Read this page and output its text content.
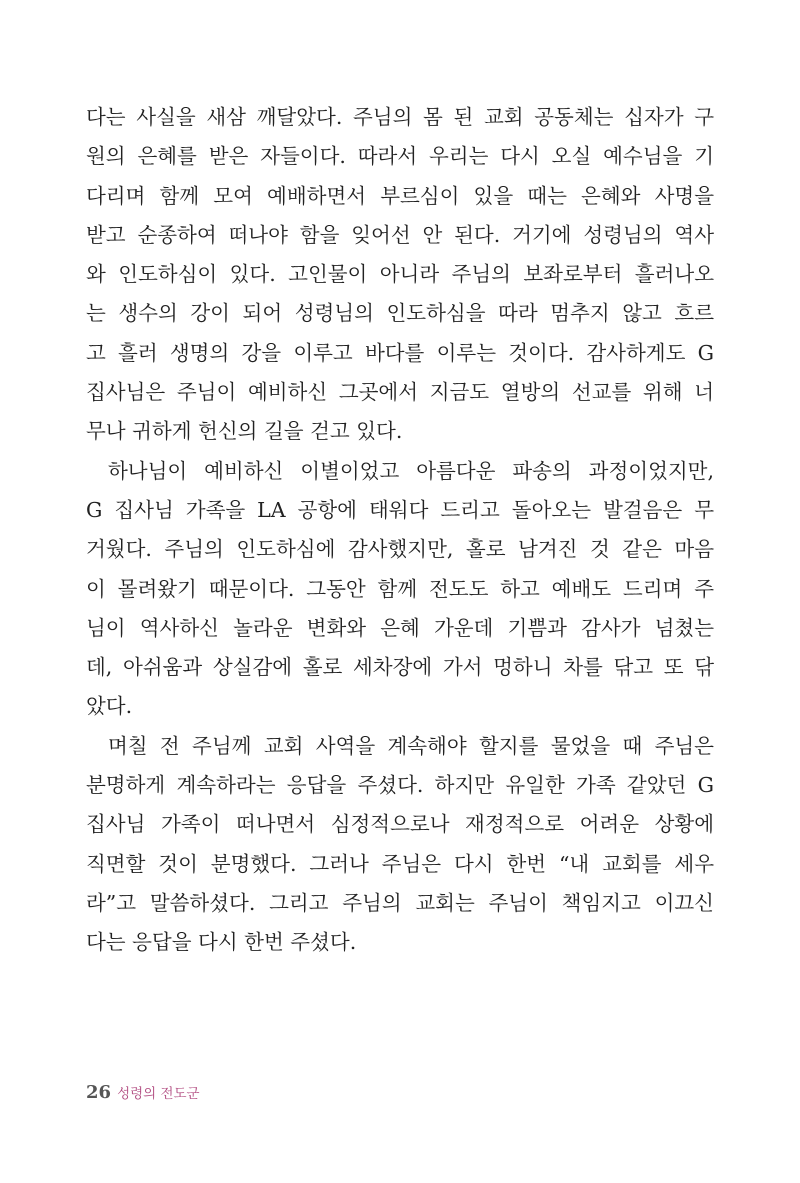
다는 사실을 새삼 깨달았다. 주님의 몸 된 교회 공동체는 십자가 구
원의 은혜를 받은 자들이다. 따라서 우리는 다시 오실 예수님을 기
다리며 함께 모여 예배하면서 부르심이 있을 때는 은혜와 사명을
받고 순종하여 떠나야 함을 잊어선 안 된다. 거기에 성령님의 역사
와 인도하심이 있다. 고인물이 아니라 주님의 보좌로부터 흘러나오
는 생수의 강이 되어 성령님의 인도하심을 따라 멈추지 않고 흐르
고 흘러 생명의 강을 이루고 바다를 이루는 것이다. 감사하게도 G
집사님은 주님이 예비하신 그곳에서 지금도 열방의 선교를 위해 너
무나 귀하게 헌신의 길을 걷고 있다.
하나님이 예비하신 이별이었고 아름다운 파송의 과정이었지만,
G 집사님 가족을 LA 공항에 태워다 드리고 돌아오는 발걸음은 무
거웠다. 주님의 인도하심에 감사했지만, 홀로 남겨진 것 같은 마음
이 몰려왔기 때문이다. 그동안 함께 전도도 하고 예배도 드리며 주
님이 역사하신 놀라운 변화와 은혜 가운데 기쁨과 감사가 넘쳤는
데, 아쉬움과 상실감에 홀로 세차장에 가서 멍하니 차를 닦고 또 닦
았다.
며칠 전 주님께 교회 사역을 계속해야 할지를 물었을 때 주님은
분명하게 계속하라는 응답을 주셨다. 하지만 유일한 가족 같았던 G
집사님 가족이 떠나면서 심정적으로나 재정적으로 어려운 상황에
직면할 것이 분명했다. 그러나 주님은 다시 한번 “내 교회를 세우
라”고 말씀하셨다. 그리고 주님의 교회는 주님이 책임지고 이끄신
다는 응답을 다시 한번 주셨다.
26 성령의 전도군
